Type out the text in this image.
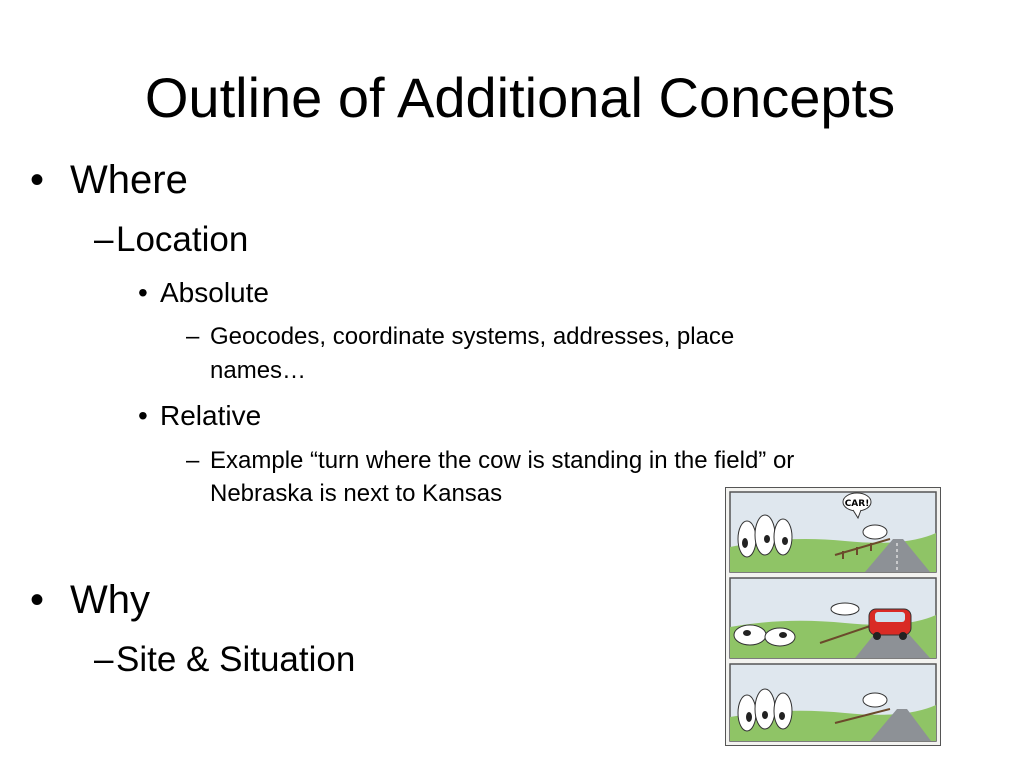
Outline of Additional Concepts
• Where
– Location
• Absolute
– Geocodes, coordinate systems, addresses, place
names…
• Relative
– Example “turn where the cow is standing in the field” or
Nebraska is next to Kansas
• Why
– Site & Situation
CAR!
